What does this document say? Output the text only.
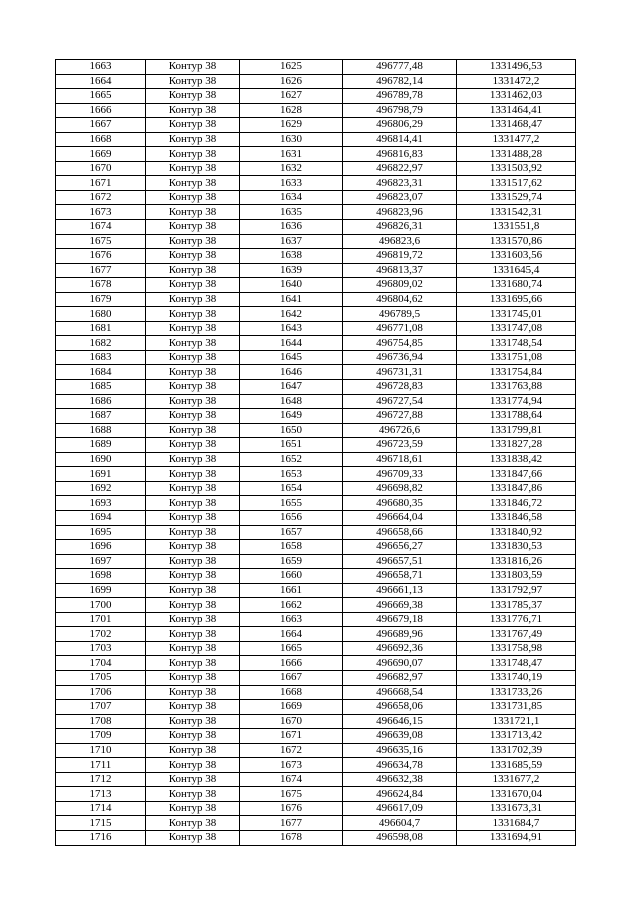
1663	Контур 38	1625	496777,48	1331496,53
1664	Контур 38	1626	496782,14	1331472,2
1665	Контур 38	1627	496789,78	1331462,03
1666	Контур 38	1628	496798,79	1331464,41
1667	Контур 38	1629	496806,29	1331468,47
1668	Контур 38	1630	496814,41	1331477,2
1669	Контур 38	1631	496816,83	1331488,28
1670	Контур 38	1632	496822,97	1331503,92
1671	Контур 38	1633	496823,31	1331517,62
1672	Контур 38	1634	496823,07	1331529,74
1673	Контур 38	1635	496823,96	1331542,31
1674	Контур 38	1636	496826,31	1331551,8
1675	Контур 38	1637	496823,6	1331570,86
1676	Контур 38	1638	496819,72	1331603,56
1677	Контур 38	1639	496813,37	1331645,4
1678	Контур 38	1640	496809,02	1331680,74
1679	Контур 38	1641	496804,62	1331695,66
1680	Контур 38	1642	496789,5	1331745,01
1681	Контур 38	1643	496771,08	1331747,08
1682	Контур 38	1644	496754,85	1331748,54
1683	Контур 38	1645	496736,94	1331751,08
1684	Контур 38	1646	496731,31	1331754,84
1685	Контур 38	1647	496728,83	1331763,88
1686	Контур 38	1648	496727,54	1331774,94
1687	Контур 38	1649	496727,88	1331788,64
1688	Контур 38	1650	496726,6	1331799,81
1689	Контур 38	1651	496723,59	1331827,28
1690	Контур 38	1652	496718,61	1331838,42
1691	Контур 38	1653	496709,33	1331847,66
1692	Контур 38	1654	496698,82	1331847,86
1693	Контур 38	1655	496680,35	1331846,72
1694	Контур 38	1656	496664,04	1331846,58
1695	Контур 38	1657	496658,66	1331840,92
1696	Контур 38	1658	496656,27	1331830,53
1697	Контур 38	1659	496657,51	1331816,26
1698	Контур 38	1660	496658,71	1331803,59
1699	Контур 38	1661	496661,13	1331792,97
1700	Контур 38	1662	496669,38	1331785,37
1701	Контур 38	1663	496679,18	1331776,71
1702	Контур 38	1664	496689,96	1331767,49
1703	Контур 38	1665	496692,36	1331758,98
1704	Контур 38	1666	496690,07	1331748,47
1705	Контур 38	1667	496682,97	1331740,19
1706	Контур 38	1668	496668,54	1331733,26
1707	Контур 38	1669	496658,06	1331731,85
1708	Контур 38	1670	496646,15	1331721,1
1709	Контур 38	1671	496639,08	1331713,42
1710	Контур 38	1672	496635,16	1331702,39
1711	Контур 38	1673	496634,78	1331685,59
1712	Контур 38	1674	496632,38	1331677,2
1713	Контур 38	1675	496624,84	1331670,04
1714	Контур 38	1676	496617,09	1331673,31
1715	Контур 38	1677	496604,7	1331684,7
1716	Контур 38	1678	496598,08	1331694,91
